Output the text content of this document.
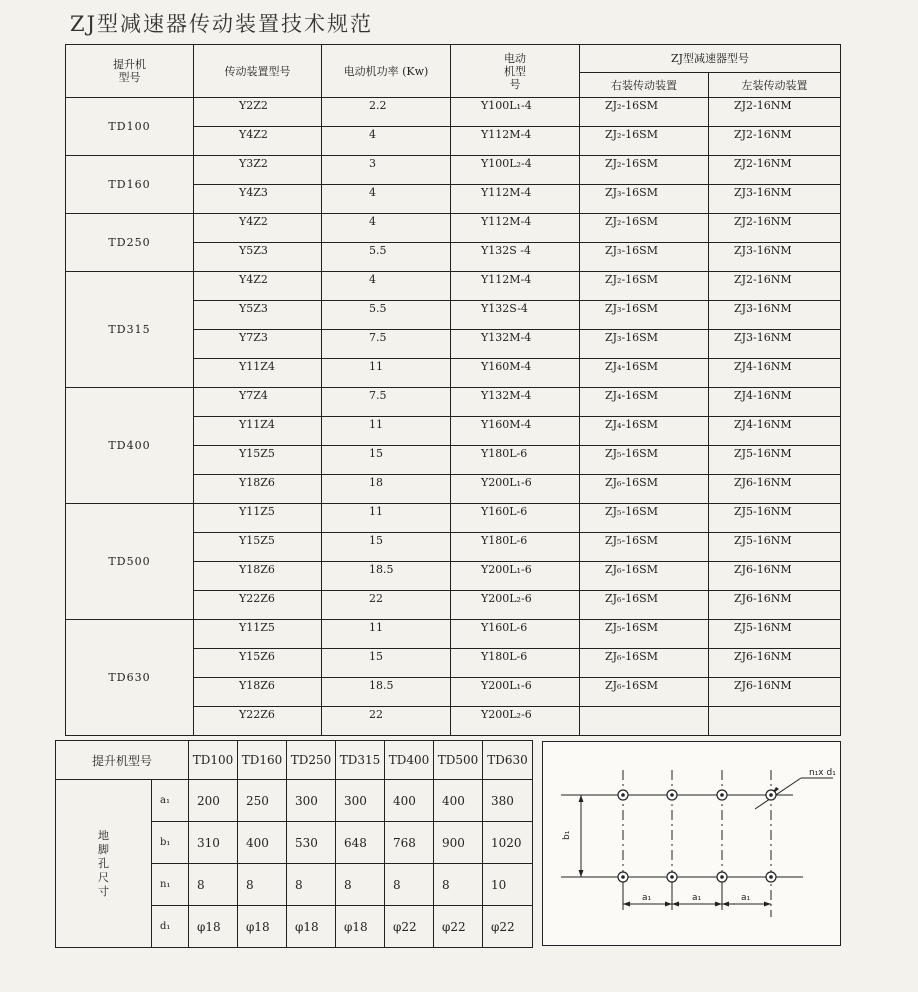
ZJ型减速器传动装置技术规范
提升机型号	传动装置型号	电动机功率 (Kw)	电动机型号	ZJ型减速器型号	
				右装传动装置	左装传动装置
TD100	Y2Z2	2.2	Y100L₁-4	ZJ₂-16SM	ZJ2-16NM
	Y4Z2	4	Y112M-4	ZJ₂-16SM	ZJ2-16NM
TD160	Y3Z2	3	Y100L₂-4	ZJ₂-16SM	ZJ2-16NM
	Y4Z3	4	Y112M-4	ZJ₃-16SM	ZJ3-16NM
TD250	Y4Z2	4	Y112M-4	ZJ₂-16SM	ZJ2-16NM
	Y5Z3	5.5	Y132S -4	ZJ₃-16SM	ZJ3-16NM
TD315	Y4Z2	4	Y112M-4	ZJ₂-16SM	ZJ2-16NM
	Y5Z3	5.5	Y132S-4	ZJ₃-16SM	ZJ3-16NM
	Y7Z3	7.5	Y132M-4	ZJ₃-16SM	ZJ3-16NM
	Y11Z4	11	Y160M-4	ZJ₄-16SM	ZJ4-16NM
TD400	Y7Z4	7.5	Y132M-4	ZJ₄-16SM	ZJ4-16NM
	Y11Z4	11	Y160M-4	ZJ₄-16SM	ZJ4-16NM
	Y15Z5	15	Y180L-6	ZJ₅-16SM	ZJ5-16NM
	Y18Z6	18	Y200L₁-6	ZJ₆-16SM	ZJ6-16NM
TD500	Y11Z5	11	Y160L-6	ZJ₅-16SM	ZJ5-16NM
	Y15Z5	15	Y180L-6	ZJ₅-16SM	ZJ5-16NM
	Y18Z6	18.5	Y200L₁-6	ZJ₆-16SM	ZJ6-16NM
	Y22Z6	22	Y200L₂-6	ZJ₆-16SM	ZJ6-16NM
TD630	Y11Z5	11	Y160L-6	ZJ₅-16SM	ZJ5-16NM
	Y15Z6	15	Y180L-6	ZJ₆-16SM	ZJ6-16NM
	Y18Z6	18.5	Y200L₁-6	ZJ₆-16SM	ZJ6-16NM
	Y22Z6	22	Y200L₂-6		
提升机型号		TD100	TD160	TD250	TD315	TD400	TD500	TD630
地
脚
孔
尺
寸	a₁	200	250	300	300	400	400	380
	b₁	310	400	530	648	768	900	1020
	n₁	8	8	8	8	8	8	10
	d₁	φ18	φ18	φ18	φ18	φ22	φ22	φ22
n₁x d₁
b₁
a₁	a₁	a₁
